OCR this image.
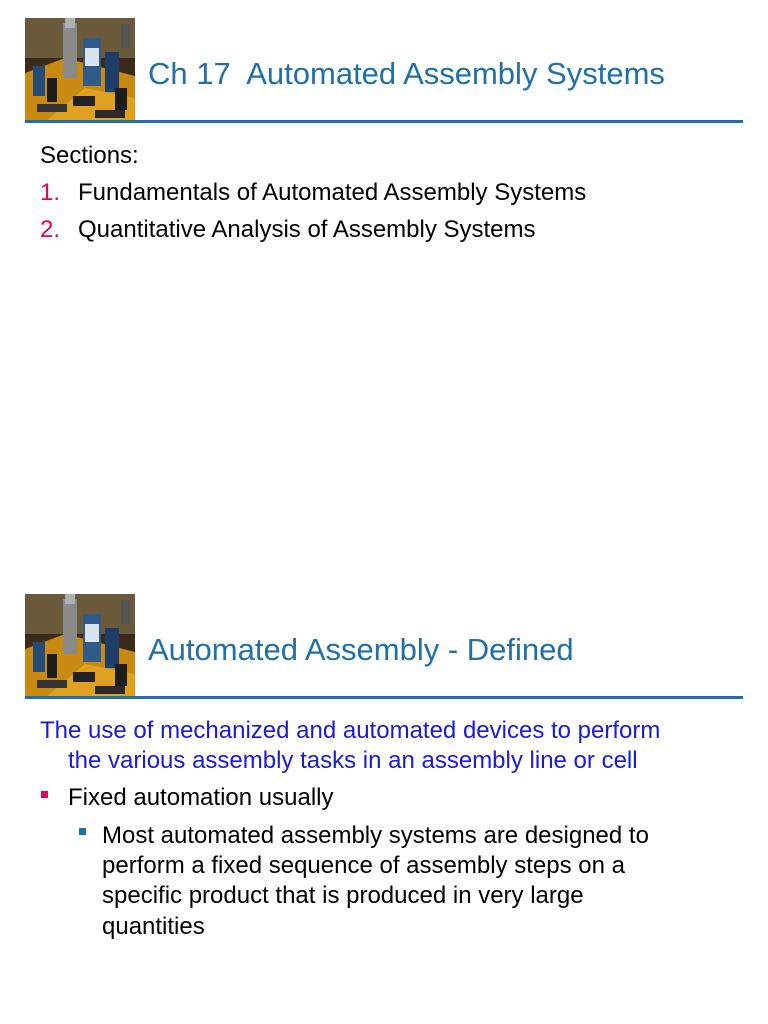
Ch 17  Automated Assembly Systems
Sections:
1. Fundamentals of Automated Assembly Systems
2. Quantitative Analysis of Assembly Systems
Automated Assembly - Defined
The use of mechanized and automated devices to perform
the various assembly tasks in an assembly line or cell
Fixed automation usually
Most automated assembly systems are designed to
perform a fixed sequence of assembly steps on a
specific product that is produced in very large
quantities
